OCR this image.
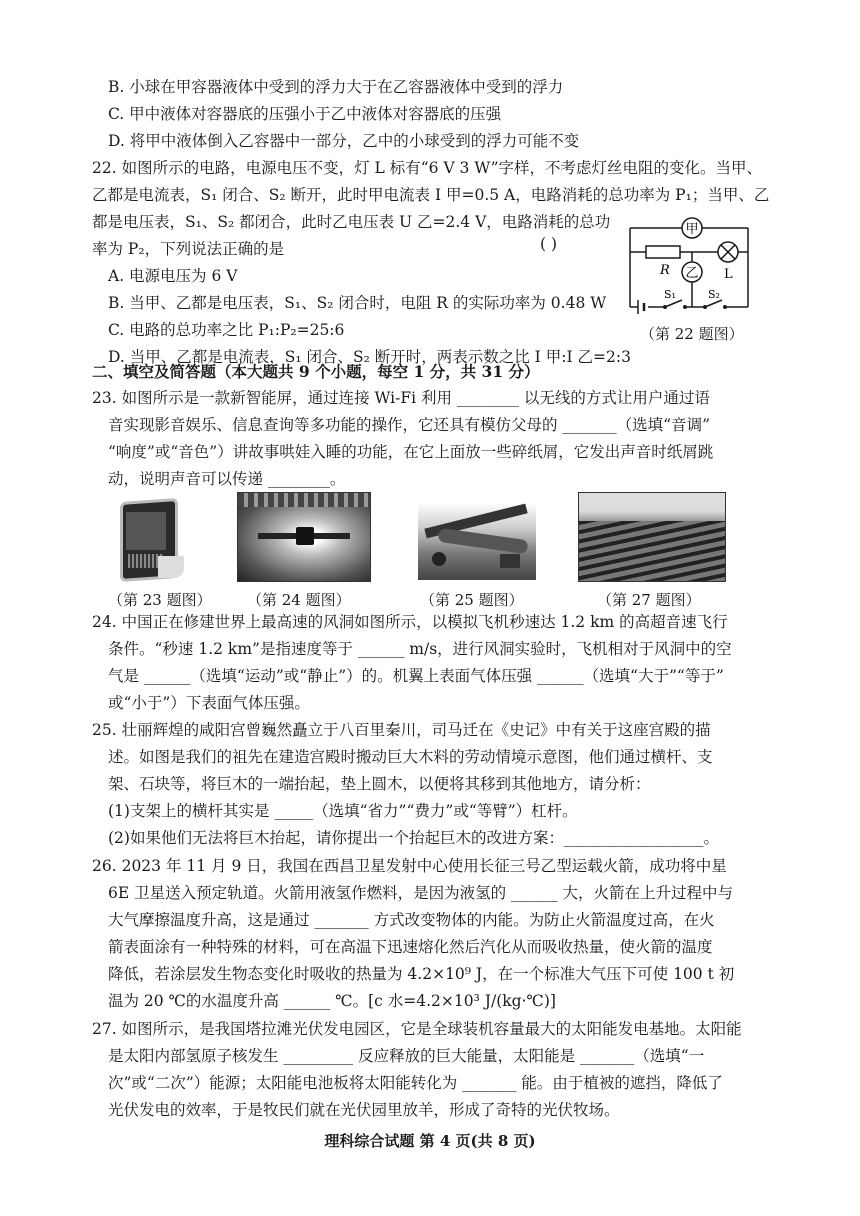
B. 小球在甲容器液体中受到的浮力大于在乙容器液体中受到的浮力
C. 甲中液体对容器底的压强小于乙中液体对容器底的压强
D. 将甲中液体倒入乙容器中一部分，乙中的小球受到的浮力可能不变
22. 如图所示的电路，电源电压不变，灯 L 标有“6 V 3 W”字样，不考虑灯丝电阻的变化。当甲、
乙都是电流表，S₁ 闭合、S₂ 断开，此时甲电流表 I 甲=0.5 A，电路消耗的总功率为 P₁；当甲、乙
都是电压表，S₁、S₂ 都闭合，此时乙电压表 U 乙=2.4 V，电路消耗的总功
率为 P₂，下列说法正确的是	( )
A. 电源电压为 6 V
B. 当甲、乙都是电压表，S₁、S₂ 闭合时，电阻 R 的实际功率为 0.48 W
C. 电路的总功率之比 P₁:P₂=25:6
D. 当甲、乙都是电流表，S₁ 闭合、S₂ 断开时，两表示数之比 I 甲:I 乙=2:3
甲
乙
R	L
S₁	S₂
（第 22 题图）
二、填空及简答题（本大题共 9 个小题，每空 1 分，共 31 分）
23. 如图所示是一款新智能屏，通过连接 Wi-Fi 利用 ________ 以无线的方式让用户通过语
音实现影音娱乐、信息查询等多功能的操作，它还具有模仿父母的 _______（选填“音调”
“响度”或“音色”）讲故事哄娃入睡的功能，在它上面放一些碎纸屑，它发出声音时纸屑跳
动，说明声音可以传递 ________。
（第 23 题图） （第 24 题图）	（第 25 题图）	（第 27 题图）
24. 中国正在修建世界上最高速的风洞如图所示，以模拟飞机秒速达 1.2 km 的高超音速飞行
条件。“秒速 1.2 km”是指速度等于 ______ m/s，进行风洞实验时，飞机相对于风洞中的空
气是 ______（选填“运动”或“静止”）的。机翼上表面气体压强 ______（选填“大于”“等于”
或“小于”）下表面气体压强。
25. 壮丽辉煌的咸阳宫曾巍然矗立于八百里秦川，司马迁在《史记》中有关于这座宫殿的描
述。如图是我们的祖先在建造宫殿时搬动巨大木料的劳动情境示意图，他们通过横杆、支
架、石块等，将巨木的一端抬起，垫上圆木，以便将其移到其他地方，请分析：
(1)支架上的横杆其实是 _____（选填“省力”“费力”或“等臂”）杠杆。
(2)如果他们无法将巨木抬起，请你提出一个抬起巨木的改进方案：__________________。
26. 2023 年 11 月 9 日，我国在西昌卫星发射中心使用长征三号乙型运载火箭，成功将中星
6E 卫星送入预定轨道。火箭用液氢作燃料，是因为液氢的 ______ 大，火箭在上升过程中与
大气摩擦温度升高，这是通过 _______ 方式改变物体的内能。为防止火箭温度过高，在火
箭表面涂有一种特殊的材料，可在高温下迅速熔化然后汽化从而吸收热量，使火箭的温度
降低，若涂层发生物态变化时吸收的热量为 4.2×10⁹ J，在一个标准大气压下可使 100 t 初
温为 20 ℃的水温度升高 ______ ℃。[c 水=4.2×10³ J/(kg·℃)]
27. 如图所示，是我国塔拉滩光伏发电园区，它是全球装机容量最大的太阳能发电基地。太阳能
是太阳内部氢原子核发生 _________ 反应释放的巨大能量，太阳能是 _______（选填“一
次”或“二次”）能源；太阳能电池板将太阳能转化为 _______ 能。由于植被的遮挡，降低了
光伏发电的效率，于是牧民们就在光伏园里放羊，形成了奇特的光伏牧场。
理科综合试题 第 4 页(共 8 页)
